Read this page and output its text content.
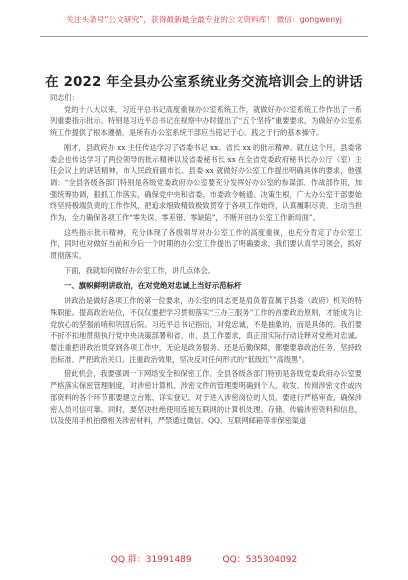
关注头条号“公文研究”，获得最新最全最专业的公文资料库！ 微信：gongwenyj
在 2022 年全县办公室系统业务交流培训会上的讲话

同志们：

党的十八大以来，习近平总书记高度重视办公室系统工作，就做好办公室系统工作作出了一系列重要指示批示，特别是习近平总书记在视察中办时提出了“五个坚持”重要要求，为做好办公室系统工作提供了根本遵循，是所有办公室系统干部应当铭记于心、践之于行的基本操守。

刚才，县政府办 xx 主任传达学习了省委书记 xx、省长 xx 的批示精神。就在这个月，县委常委会也传达学习了两位领导的批示精神以及省委秘书长 xx 在全省党委政府秘书长办公厅（室）主任会议上的讲话精神，市人民政府副市长、县委 xx 就做好办公室工作提出明确具体的要求，他强调：“全县各级各部门特别是各级党委政府办公室要充分发挥好办公室的参谋部、作战部作用，加强统筹协调，狠抓工作落实，确保党中央和省委、市委政令畅通、决策生根，广大办公室干部要始终坚持极端负责的工作作风，把追求细致精致极致贯穿于各项工作始终，认真履职尽责，主动当担作为，全力确保各项工作“零失误、零差错、零缺陷”，不断开创办公室工作新局面”。

这些指示批示精神，充分体现了各级领导对办公室工作的高度重视，也充分肯定了办公室工作，同时也对做好当前和今后一个时期的办公室工作提出了明确要求，我们要认真学习领会，抓好贯彻落实。

下面，我就如何做好办公室工作，讲几点体会。

一、旗帜鲜明讲政治，在对党绝对忠诚上当好示范标杆

讲政治是做好各项工作的第一位要求，办公室的同志更是肩负着直属于县委（政府）机关的特殊职能。提高政治站位，不仅仅要把学习贯彻落实“三办三服务”工作的首要政治原则，才能成为让党放心的坚强前哨和巩固后院。习近平总书记指出，对党忠诚，不是抽象的，而是具体的。我们要不折不扣地贯彻执行党中央决策部署和省、市、县工作要求，真正用实际行动诠释对党绝对忠诚。要注重把讲政治贯穿到各项工作中，无论是政务服务、还是后勤保障，都要要靠政治任务、坚持政治标准、严把政治关口。注重政治效果，坚决反对任何形式的“低级红”“高级黑”。

借此机会，我要强调一下网络安全和保密工作。全县各级各部门特别是各级党委政府办公室要严格落实保密管理制度，对涉密计算机、涉密文件的管理要明确到个人，收发、传阅涉密文件或内部资料的各个环节都要建立台账、详实登记。对于进入涉密岗位的人员，要进行严格审查，确保涉密人员可信可靠。同时，要坚决杜绝使用连接互联网的计算机处理、存储、传输涉密资料和信息，以及使用手机拍摄相关涉密材料，严禁通过微信、QQ、互联网邮箱等非保密渠道

QQ 群：31991489	QQ：535304092
